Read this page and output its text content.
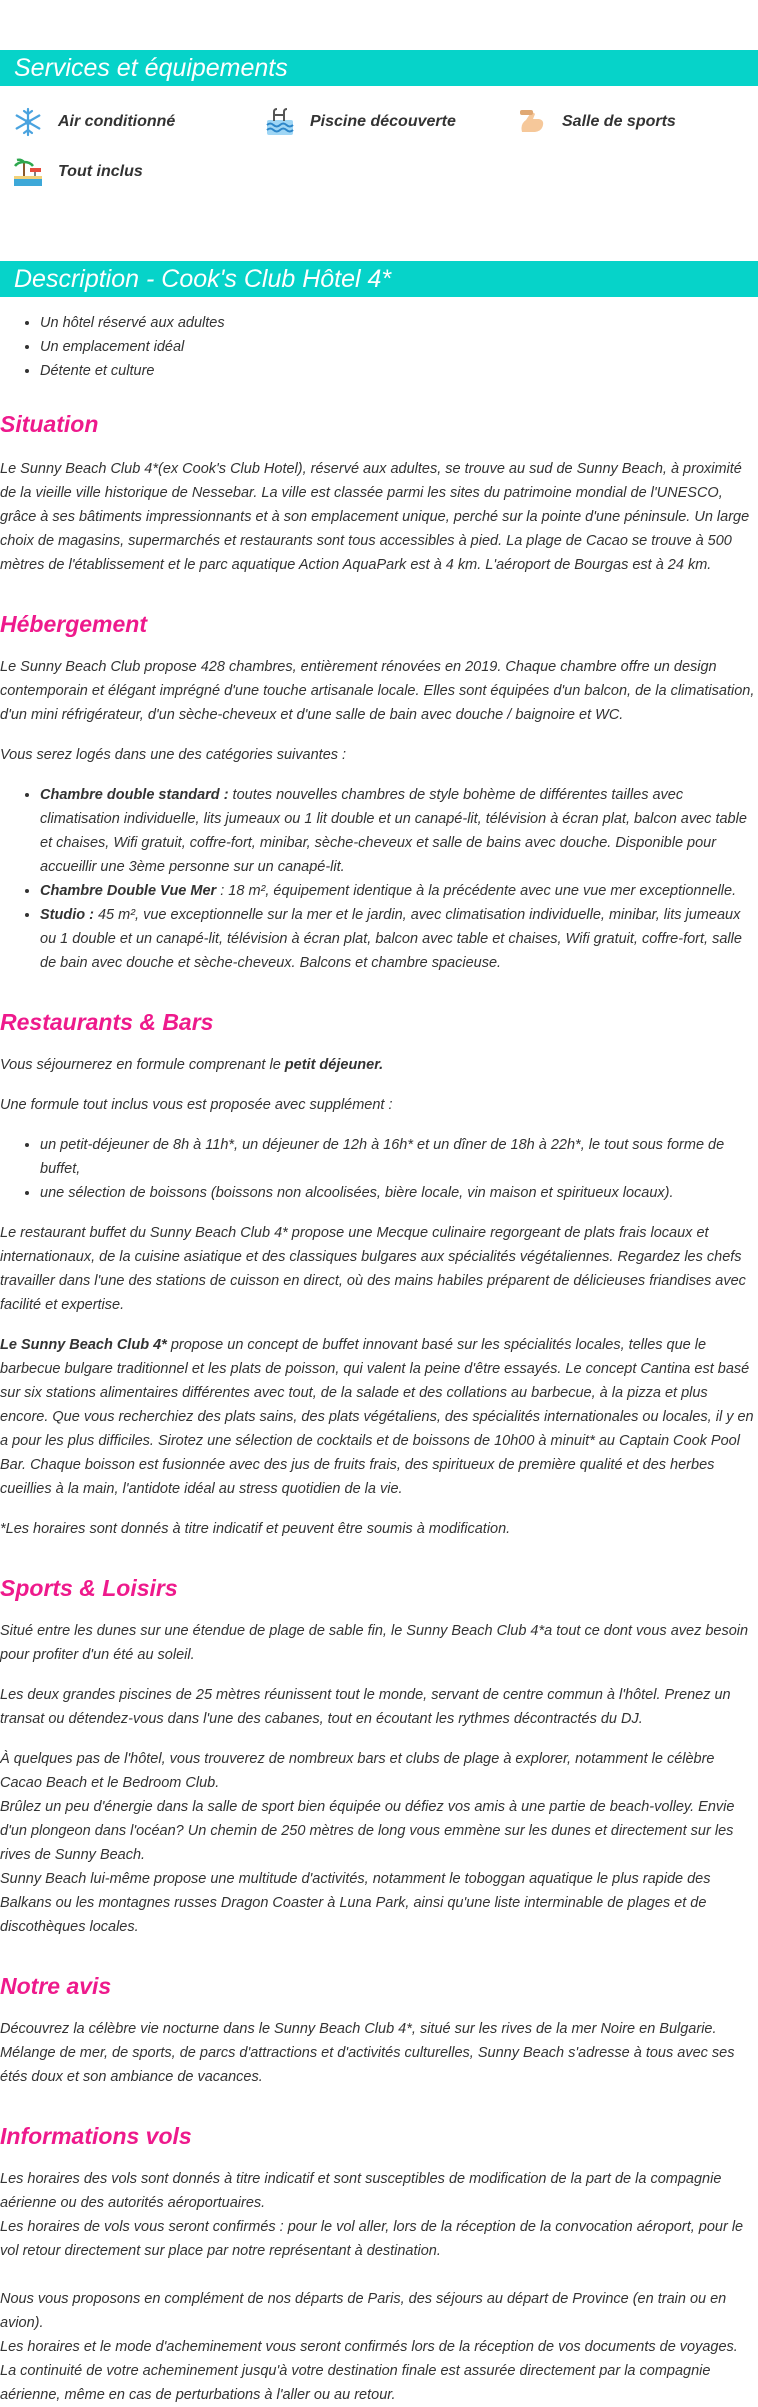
Services et équipements
Air conditionné	Piscine découverte	Salle de sports
Tout inclus
Description - Cook's Club Hôtel 4*
• Un hôtel réservé aux adultes
• Un emplacement idéal
• Détente et culture
Situation

Le Sunny Beach Club 4*(ex Cook's Club Hotel), réservé aux adultes, se trouve au sud de Sunny Beach, à proximité de la vieille ville historique de Nessebar. La ville est classée parmi les sites du patrimoine mondial de l'UNESCO, grâce à ses bâtiments impressionnants et à son emplacement unique, perché sur la pointe d'une péninsule. Un large choix de magasins, supermarchés et restaurants sont tous accessibles à pied. La plage de Cacao se trouve à 500 mètres de l'établissement et le parc aquatique Action AquaPark est à 4 km. L'aéroport de Bourgas est à 24 km.

Hébergement

Le Sunny Beach Club propose 428 chambres, entièrement rénovées en 2019. Chaque chambre offre un design contemporain et élégant imprégné d'une touche artisanale locale. Elles sont équipées d'un balcon, de la climatisation, d'un mini réfrigérateur, d'un sèche-cheveux et d'une salle de bain avec douche / baignoire et WC.

Vous serez logés dans une des catégories suivantes :

• Chambre double standard : toutes nouvelles chambres de style bohème de différentes tailles avec climatisation individuelle, lits jumeaux ou 1 lit double et un canapé-lit, télévision à écran plat, balcon avec table et chaises, Wifi gratuit, coffre-fort, minibar, sèche-cheveux et salle de bains avec douche. Disponible pour accueillir une 3ème personne sur un canapé-lit.
• Chambre Double Vue Mer : 18 m², équipement identique à la précédente avec une vue mer exceptionnelle.
• Studio : 45 m², vue exceptionnelle sur la mer et le jardin, avec climatisation individuelle, minibar, lits jumeaux ou 1 double et un canapé-lit, télévision à écran plat, balcon avec table et chaises, Wifi gratuit, coffre-fort, salle de bain avec douche et sèche-cheveux. Balcons et chambre spacieuse.
Restaurants & Bars

Vous séjournerez en formule comprenant le petit déjeuner.

Une formule tout inclus vous est proposée avec supplément :

• un petit-déjeuner de 8h à 11h*, un déjeuner de 12h à 16h* et un dîner de 18h à 22h*, le tout sous forme de buffet,
• une sélection de boissons (boissons non alcoolisées, bière locale, vin maison et spiritueux locaux).

Le restaurant buffet du Sunny Beach Club 4* propose une Mecque culinaire regorgeant de plats frais locaux et internationaux, de la cuisine asiatique et des classiques bulgares aux spécialités végétaliennes. Regardez les chefs travailler dans l'une des stations de cuisson en direct, où des mains habiles préparent de délicieuses friandises avec facilité et expertise.

Le Sunny Beach Club 4* propose un concept de buffet innovant basé sur les spécialités locales, telles que le barbecue bulgare traditionnel et les plats de poisson, qui valent la peine d'être essayés. Le concept Cantina est basé sur six stations alimentaires différentes avec tout, de la salade et des collations au barbecue, à la pizza et plus encore. Que vous recherchiez des plats sains, des plats végétaliens, des spécialités internationales ou locales, il y en a pour les plus difficiles. Sirotez une sélection de cocktails et de boissons de 10h00 à minuit* au Captain Cook Pool Bar. Chaque boisson est fusionnée avec des jus de fruits frais, des spiritueux de première qualité et des herbes cueillies à la main, l'antidote idéal au stress quotidien de la vie.

*Les horaires sont donnés à titre indicatif et peuvent être soumis à modification.

Sports & Loisirs

Situé entre les dunes sur une étendue de plage de sable fin, le Sunny Beach Club 4*a tout ce dont vous avez besoin pour profiter d'un été au soleil.

Les deux grandes piscines de 25 mètres réunissent tout le monde, servant de centre commun à l'hôtel. Prenez un transat ou détendez-vous dans l'une des cabanes, tout en écoutant les rythmes décontractés du DJ.

À quelques pas de l'hôtel, vous trouverez de nombreux bars et clubs de plage à explorer, notamment le célèbre Cacao Beach et le Bedroom Club.

Brûlez un peu d'énergie dans la salle de sport bien équipée ou défiez vos amis à une partie de beach-volley. Envie d'un plongeon dans l'océan? Un chemin de 250 mètres de long vous emmène sur les dunes et directement sur les rives de Sunny Beach.

Sunny Beach lui-même propose une multitude d'activités, notamment le toboggan aquatique le plus rapide des Balkans ou les montagnes russes Dragon Coaster à Luna Park, ainsi qu'une liste interminable de plages et de discothèques locales.

Notre avis

Découvrez la célèbre vie nocturne dans le Sunny Beach Club 4*, situé sur les rives de la mer Noire en Bulgarie. Mélange de mer, de sports, de parcs d'attractions et d'activités culturelles, Sunny Beach s'adresse à tous avec ses étés doux et son ambiance de vacances.

Informations vols

Les horaires des vols sont donnés à titre indicatif et sont susceptibles de modification de la part de la compagnie aérienne ou des autorités aéroportuaires.

Les horaires de vols vous seront confirmés : pour le vol aller, lors de la réception de la convocation aéroport, pour le vol retour directement sur place par notre représentant à destination.

Nous vous proposons en complément de nos départs de Paris, des séjours au départ de Province (en train ou en avion).

Les horaires et le mode d'acheminement vous seront confirmés lors de la réception de vos documents de voyages.

La continuité de votre acheminement jusqu'à votre destination finale est assurée directement par la compagnie aérienne, même en cas de perturbations à l'aller ou au retour.
